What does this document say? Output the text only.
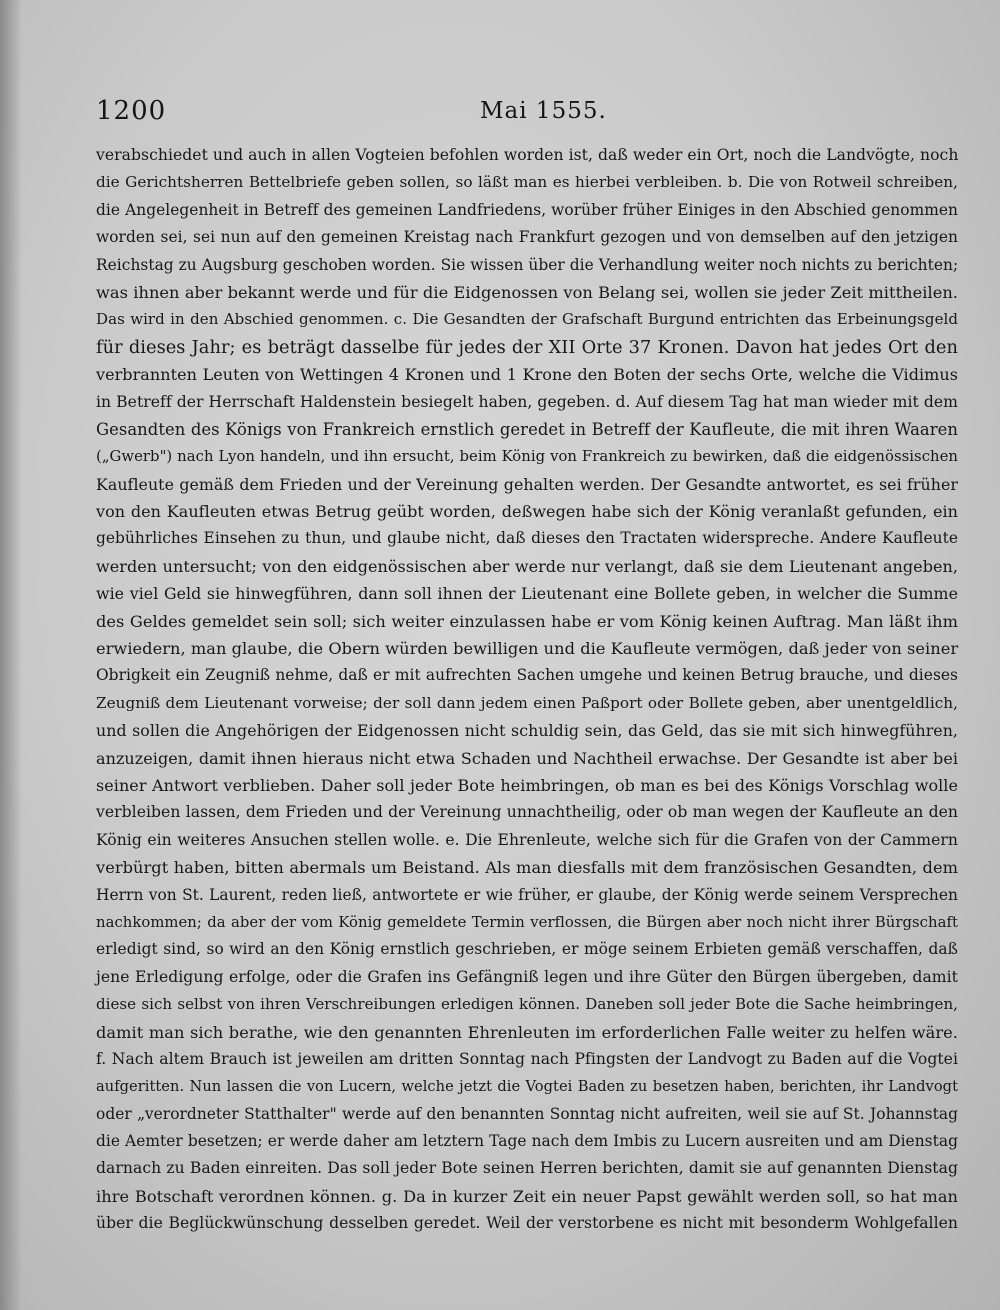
1200	Mai 1555.
verabschiedet und auch in allen Vogteien befohlen worden ist, daß weder ein Ort, noch die Landvögte, noch
die Gerichtsherren Bettelbriefe geben sollen, so läßt man es hierbei verbleiben. b. Die von Rotweil schreiben,
die Angelegenheit in Betreff des gemeinen Landfriedens, worüber früher Einiges in den Abschied genommen
worden sei, sei nun auf den gemeinen Kreistag nach Frankfurt gezogen und von demselben auf den jetzigen
Reichstag zu Augsburg geschoben worden. Sie wissen über die Verhandlung weiter noch nichts zu berichten;
was ihnen aber bekannt werde und für die Eidgenossen von Belang sei, wollen sie jeder Zeit mittheilen.
Das wird in den Abschied genommen. c. Die Gesandten der Grafschaft Burgund entrichten das Erbeinungsgeld
für dieses Jahr; es beträgt dasselbe für jedes der XII Orte 37 Kronen. Davon hat jedes Ort den
verbrannten Leuten von Wettingen 4 Kronen und 1 Krone den Boten der sechs Orte, welche die Vidimus
in Betreff der Herrschaft Haldenstein besiegelt haben, gegeben. d. Auf diesem Tag hat man wieder mit dem
Gesandten des Königs von Frankreich ernstlich geredet in Betreff der Kaufleute, die mit ihren Waaren
(„Gwerb") nach Lyon handeln, und ihn ersucht, beim König von Frankreich zu bewirken, daß die eidgenössischen
Kaufleute gemäß dem Frieden und der Vereinung gehalten werden. Der Gesandte antwortet, es sei früher
von den Kaufleuten etwas Betrug geübt worden, deßwegen habe sich der König veranlaßt gefunden, ein
gebührliches Einsehen zu thun, und glaube nicht, daß dieses den Tractaten widerspreche. Andere Kaufleute
werden untersucht; von den eidgenössischen aber werde nur verlangt, daß sie dem Lieutenant angeben,
wie viel Geld sie hinwegführen, dann soll ihnen der Lieutenant eine Bollete geben, in welcher die Summe
des Geldes gemeldet sein soll; sich weiter einzulassen habe er vom König keinen Auftrag. Man läßt ihm
erwiedern, man glaube, die Obern würden bewilligen und die Kaufleute vermögen, daß jeder von seiner
Obrigkeit ein Zeugniß nehme, daß er mit aufrechten Sachen umgehe und keinen Betrug brauche, und dieses
Zeugniß dem Lieutenant vorweise; der soll dann jedem einen Paßport oder Bollete geben, aber unentgeldlich,
und sollen die Angehörigen der Eidgenossen nicht schuldig sein, das Geld, das sie mit sich hinwegführen,
anzuzeigen, damit ihnen hieraus nicht etwa Schaden und Nachtheil erwachse. Der Gesandte ist aber bei
seiner Antwort verblieben. Daher soll jeder Bote heimbringen, ob man es bei des Königs Vorschlag wolle
verbleiben lassen, dem Frieden und der Vereinung unnachtheilig, oder ob man wegen der Kaufleute an den
König ein weiteres Ansuchen stellen wolle. e. Die Ehrenleute, welche sich für die Grafen von der Cammern
verbürgt haben, bitten abermals um Beistand. Als man diesfalls mit dem französischen Gesandten, dem
Herrn von St. Laurent, reden ließ, antwortete er wie früher, er glaube, der König werde seinem Versprechen
nachkommen; da aber der vom König gemeldete Termin verflossen, die Bürgen aber noch nicht ihrer Bürgschaft
erledigt sind, so wird an den König ernstlich geschrieben, er möge seinem Erbieten gemäß verschaffen, daß
jene Erledigung erfolge, oder die Grafen ins Gefängniß legen und ihre Güter den Bürgen übergeben, damit
diese sich selbst von ihren Verschreibungen erledigen können. Daneben soll jeder Bote die Sache heimbringen,
damit man sich berathe, wie den genannten Ehrenleuten im erforderlichen Falle weiter zu helfen wäre.
f. Nach altem Brauch ist jeweilen am dritten Sonntag nach Pfingsten der Landvogt zu Baden auf die Vogtei
aufgeritten. Nun lassen die von Lucern, welche jetzt die Vogtei Baden zu besetzen haben, berichten, ihr Landvogt
oder „verordneter Statthalter" werde auf den benannten Sonntag nicht aufreiten, weil sie auf St. Johannstag
die Aemter besetzen; er werde daher am letztern Tage nach dem Imbis zu Lucern ausreiten und am Dienstag
darnach zu Baden einreiten. Das soll jeder Bote seinen Herren berichten, damit sie auf genannten Dienstag
ihre Botschaft verordnen können. g. Da in kurzer Zeit ein neuer Papst gewählt werden soll, so hat man
über die Beglückwünschung desselben geredet. Weil der verstorbene es nicht mit besonderm Wohlgefallen
